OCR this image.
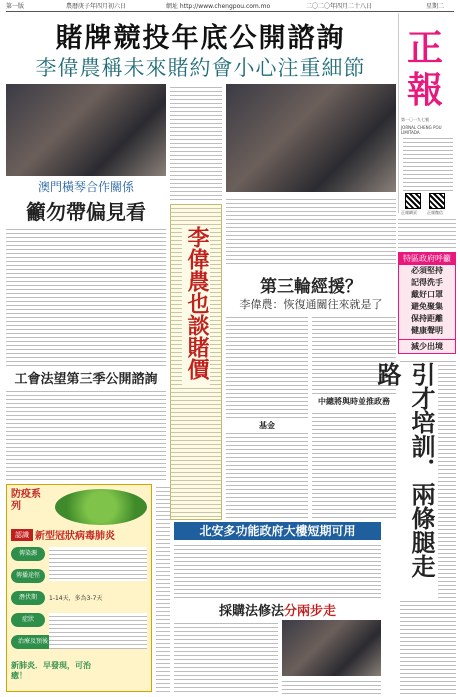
第一版	農曆庚子年四月初六日	網址 http://www.chengpou.com.mo	二〇二〇年四月二十八日	星期二
賭牌競投年底公開諮詢
李偉農稱未來賭約會小心注重細節	正報
第一〇一九七號
JORNAL CHENG POU LIMITADA
正報網頁	正報微信
特區政府呼籲
必須堅持
記得洗手
戴好口罩
避免聚集
保持距離
健康聲明
減少出境
澳門橫琴合作關係
籲勿帶偏見看
工會法望第三季公開諮詢	李偉農也談賭價	第三輪經援？
李偉農：恢復通關往來就是了
中總將與時並推政務
基金	引才培訓．兩條腿走路
防疫系列
認識 新型冠狀病毒肺炎
傳染源
傳播途徑
潛伏期
症狀
治療及預後
1-14天，多為3-7天
新肺炎．早發現，可治癒！
北安多功能政府大樓短期可用
採購法修法分兩步走
